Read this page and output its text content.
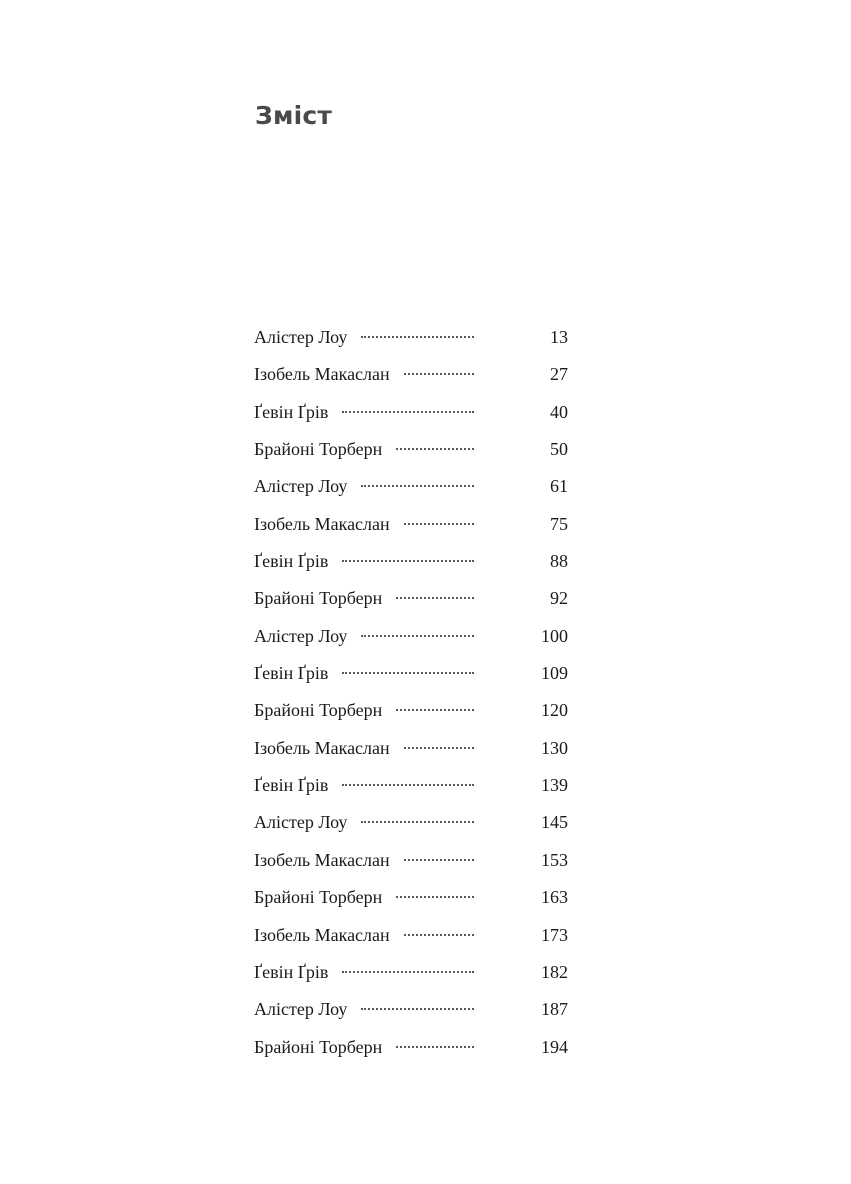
Зміст
Алістер Лоу	13
Ізобель Макаслан	27
Ґевін Ґрів	40
Брайоні Торберн	50
Алістер Лоу	61
Ізобель Макаслан	75
Ґевін Ґрів	88
Брайоні Торберн	92
Алістер Лоу	100
Ґевін Ґрів	109
Брайоні Торберн	120
Ізобель Макаслан	130
Ґевін Ґрів	139
Алістер Лоу	145
Ізобель Макаслан	153
Брайоні Торберн	163
Ізобель Макаслан	173
Ґевін Ґрів	182
Алістер Лоу	187
Брайоні Торберн	194
